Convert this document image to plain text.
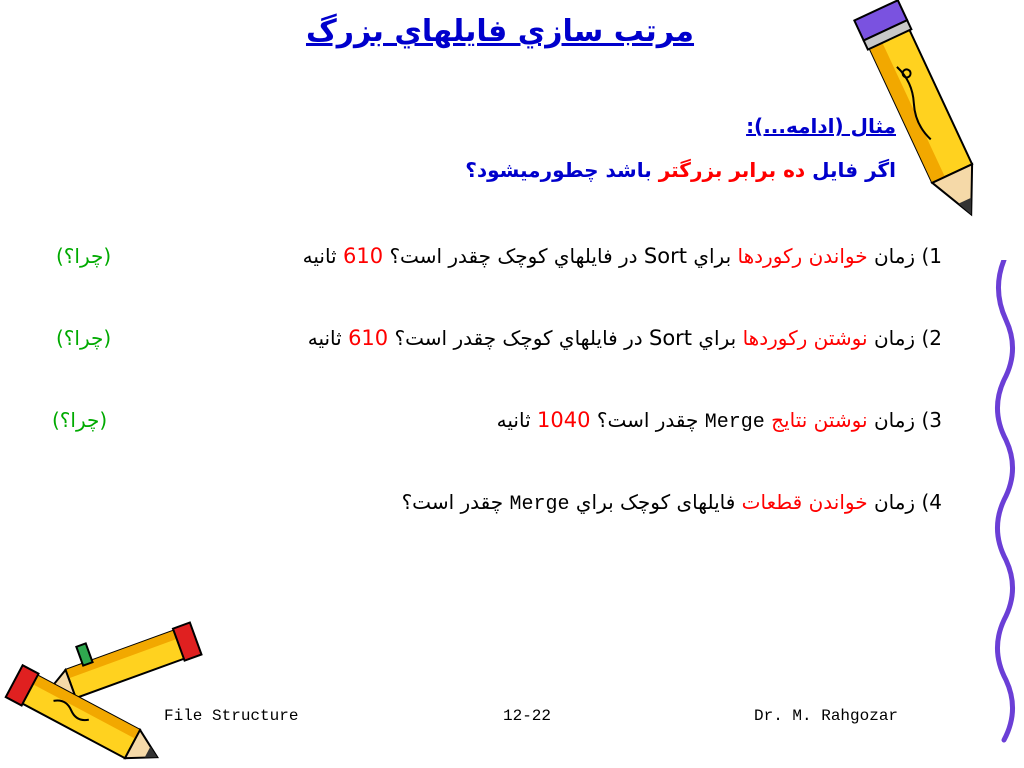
مرتب سازي فايلهاي بزرگ
مثال (ادامه...):
اگر فايل ده برابر بزرگتر باشد چطورميشود؟
1) زمان خواندن ركوردها براي Sort در فايلهاي كوچک چقدر است؟ 610 ثانيه
(چرا؟)
2) زمان نوشتن ركوردها براي Sort در فايلهاي كوچک چقدر است؟ 610 ثانيه
(چرا؟)
3) زمان نوشتن نتايج Merge چقدر است؟ 1040 ثانيه
(چرا؟)
4) زمان خواندن قطعات فایلهای كوچک براي Merge چقدر است؟
File Structure	12-22	Dr. M. Rahgozar
